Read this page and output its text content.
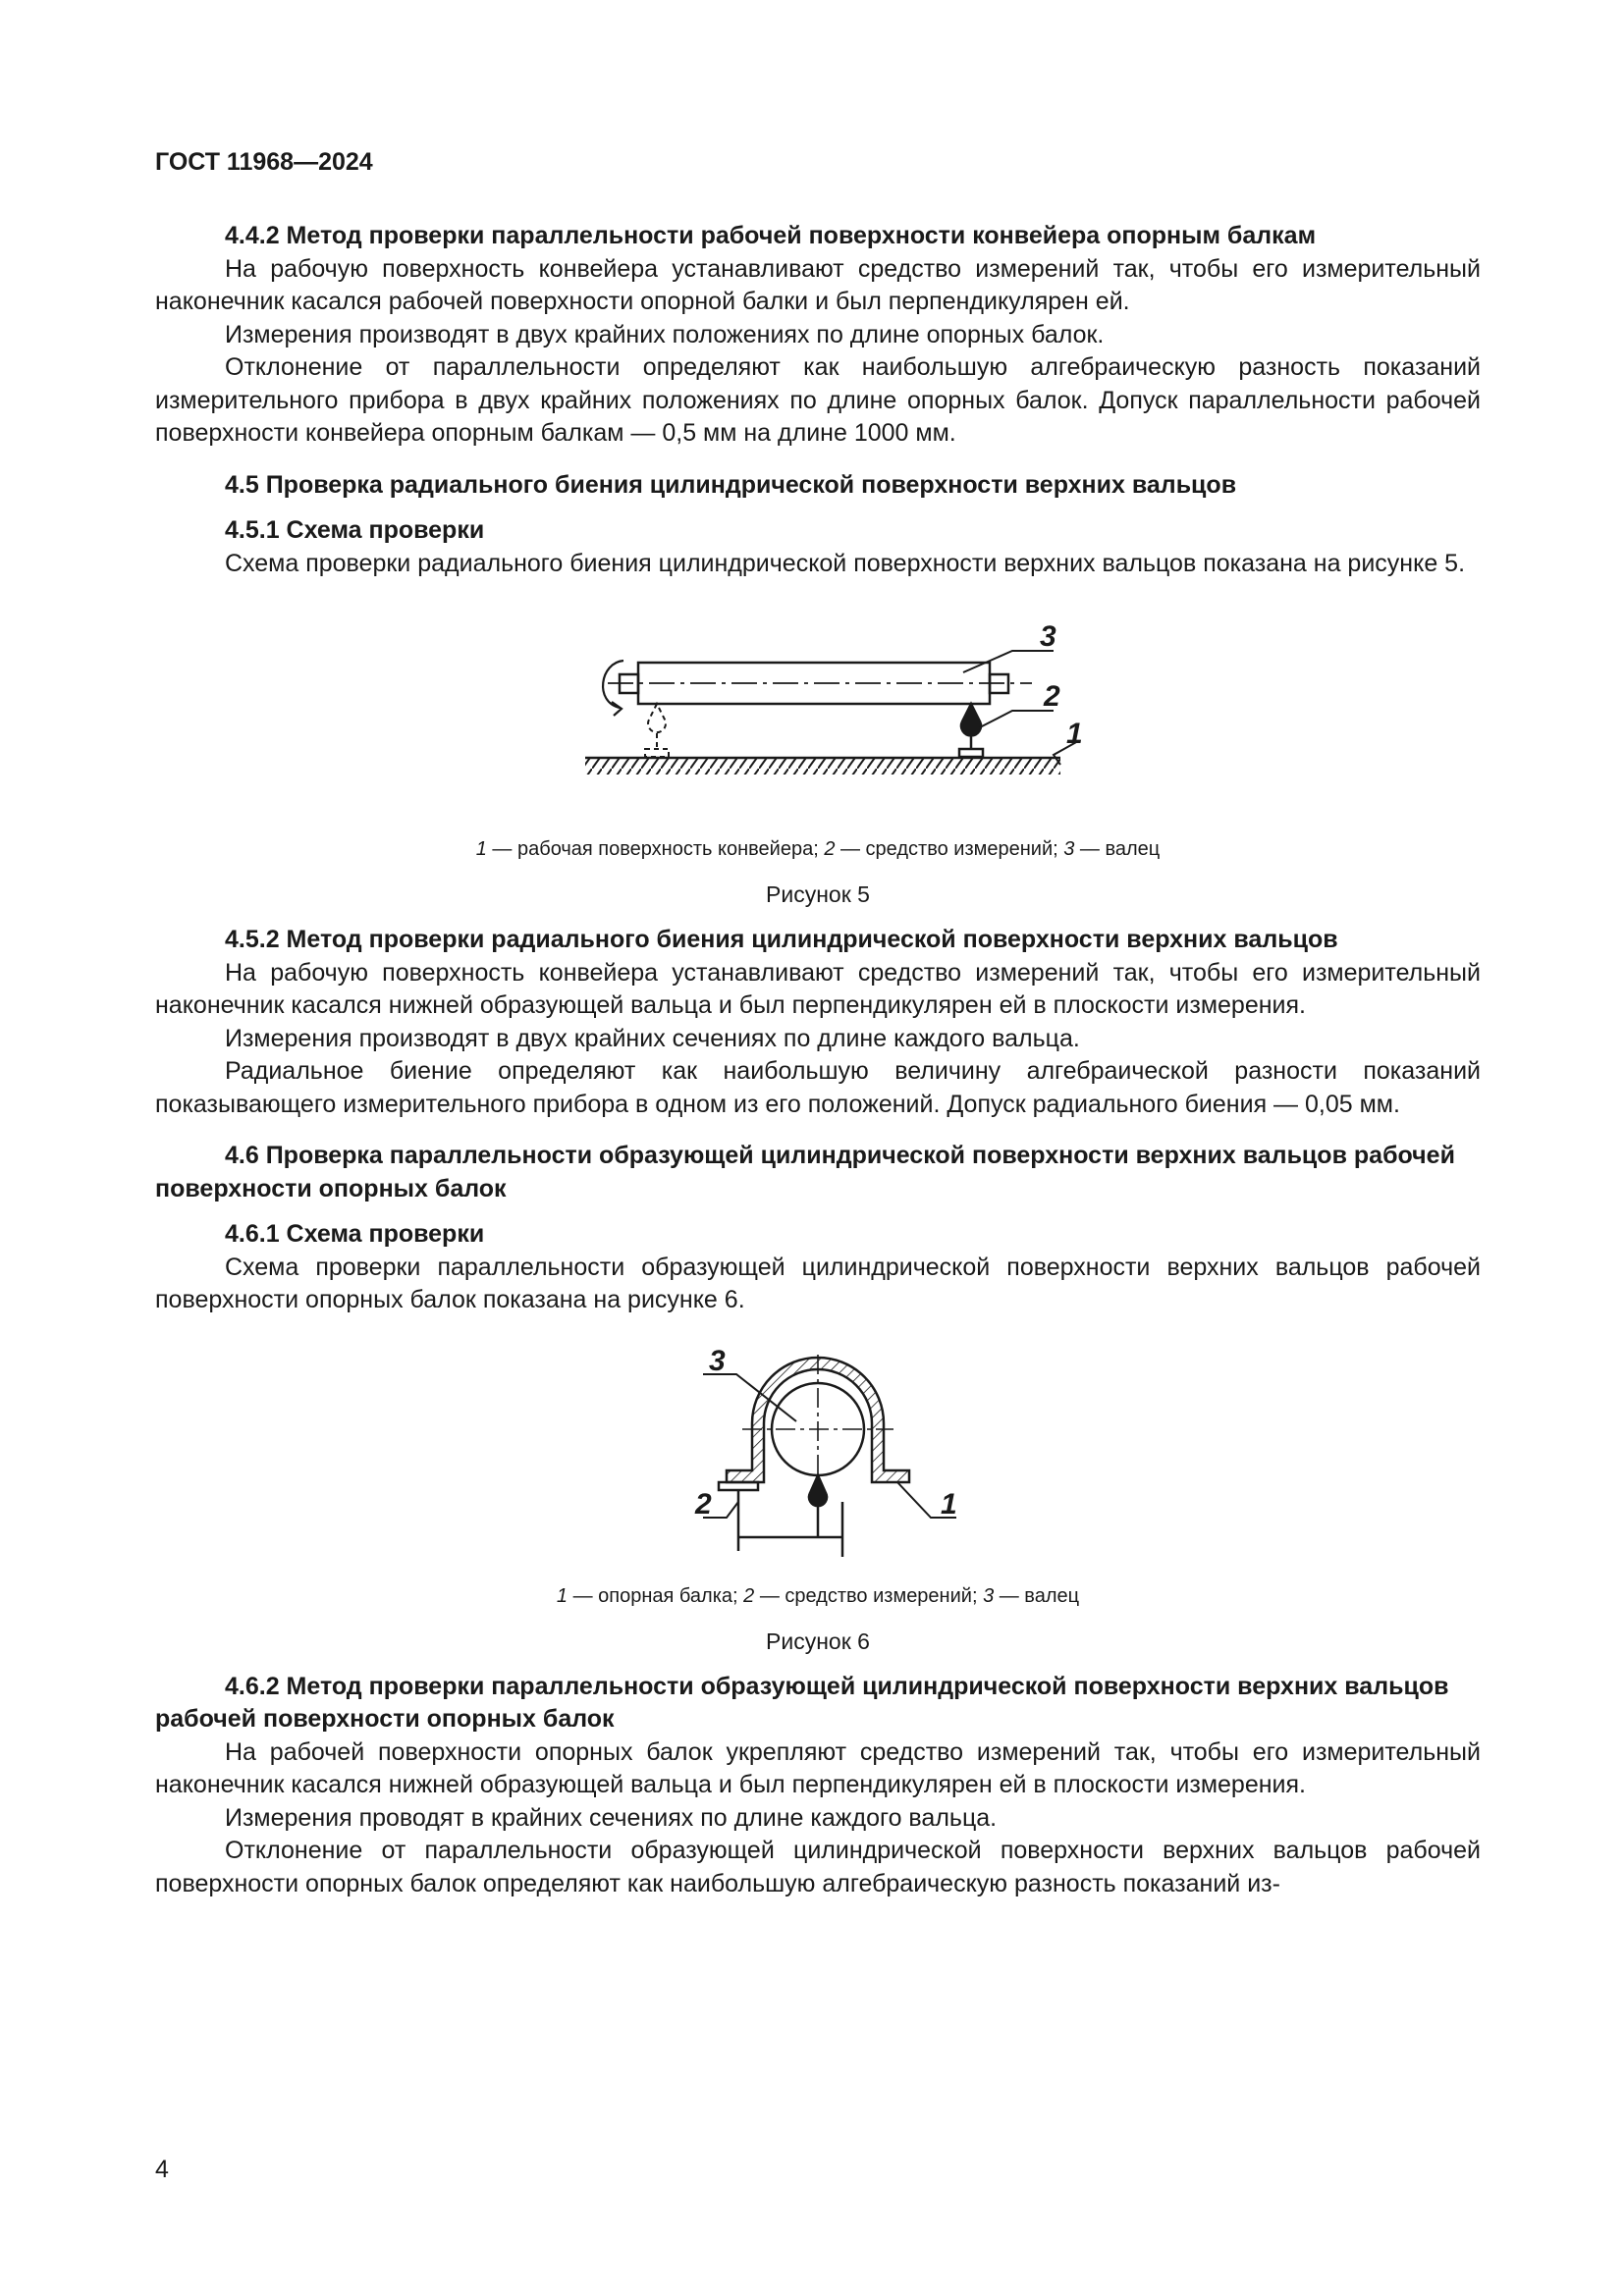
ГОСТ 11968—2024

4.4.2 Метод проверки параллельности рабочей поверхности конвейера опорным балкам

На рабочую поверхность конвейера устанавливают средство измерений так, чтобы его измерительный наконечник касался рабочей поверхности опорной балки и был перпендикулярен ей.

Измерения производят в двух крайних положениях по длине опорных балок.

Отклонение от параллельности определяют как наибольшую алгебраическую разность показаний измерительного прибора в двух крайних положениях по длине опорных балок. Допуск параллельности рабочей поверхности конвейера опорным балкам — 0,5 мм на длине 1000 мм.

4.5 Проверка радиального биения цилиндрической поверхности верхних вальцов

4.5.1 Схема проверки

Схема проверки радиального биения цилиндрической поверхности верхних вальцов показана на рисунке 5.

3
2
1
1 — рабочая поверхность конвейера; 2 — средство измерений; 3 — валец
Рисунок 5

4.5.2 Метод проверки радиального биения цилиндрической поверхности верхних вальцов

На рабочую поверхность конвейера устанавливают средство измерений так, чтобы его измерительный наконечник касался нижней образующей вальца и был перпендикулярен ей в плоскости измерения.

Измерения производят в двух крайних сечениях по длине каждого вальца.

Радиальное биение определяют как наибольшую величину алгебраической разности показаний показывающего измерительного прибора в одном из его положений. Допуск радиального биения — 0,05 мм.

4.6 Проверка параллельности образующей цилиндрической поверхности верхних вальцов рабочей поверхности опорных балок

4.6.1 Схема проверки

Схема проверки параллельности образующей цилиндрической поверхности верхних вальцов рабочей поверхности опорных балок показана на рисунке 6.

3
2	1
1 — опорная балка; 2 — средство измерений; 3 — валец
Рисунок 6

4.6.2 Метод проверки параллельности образующей цилиндрической поверхности верхних вальцов рабочей поверхности опорных балок

На рабочей поверхности опорных балок укрепляют средство измерений так, чтобы его измерительный наконечник касался нижней образующей вальца и был перпендикулярен ей в плоскости измерения.

Измерения проводят в крайних сечениях по длине каждого вальца.

Отклонение от параллельности образующей цилиндрической поверхности верхних вальцов рабочей поверхности опорных балок определяют как наибольшую алгебраическую разность показаний из-

4
